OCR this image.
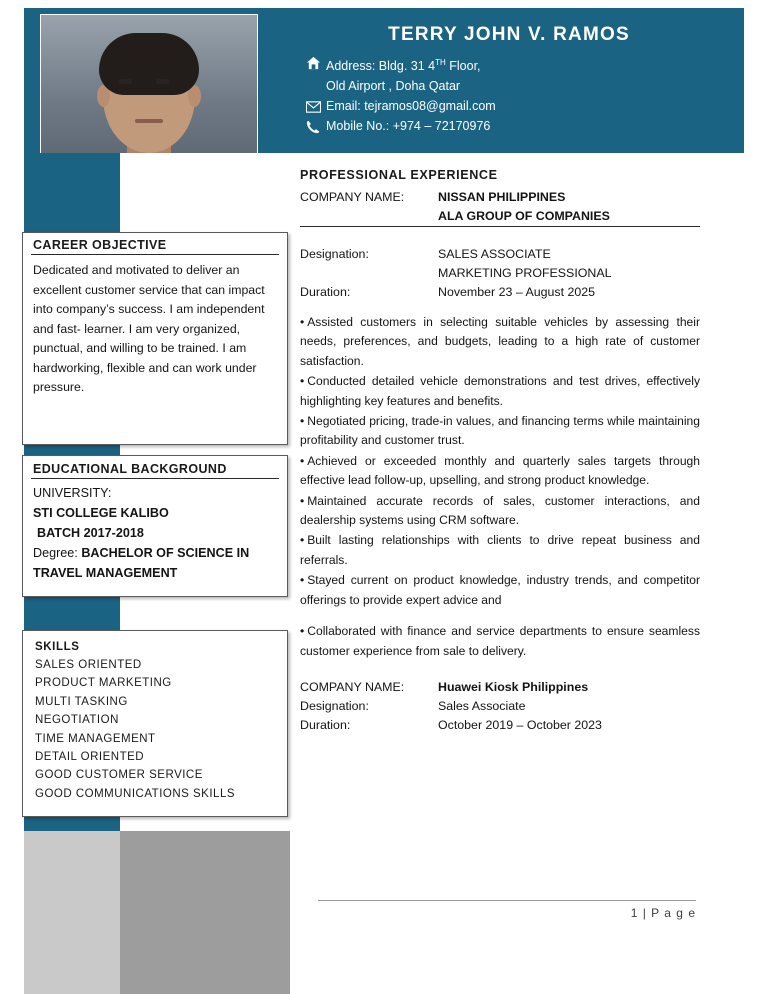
TERRY JOHN V. RAMOS
Address: Bldg. 31 4TH Floor,
Old Airport , Doha Qatar
Email: tejramos08@gmail.com
Mobile No.: +974 – 72170976
CAREER OBJECTIVE
Dedicated and motivated to deliver an excellent customer service that can impact into company’s success. I am independent and fast- learner. I am very organized, punctual, and willing to be trained. I am hardworking, flexible and can work under pressure.
EDUCATIONAL BACKGROUND
UNIVERSITY:
STI COLLEGE KALIBO
BATCH 2017-2018
Degree: BACHELOR OF SCIENCE IN TRAVEL MANAGEMENT
SKILLS
SALES ORIENTED
PRODUCT MARKETING
MULTI TASKING
NEGOTIATION
TIME MANAGEMENT
DETAIL ORIENTED
GOOD CUSTOMER SERVICE
GOOD COMMUNICATIONS SKILLS
PROFESSIONAL EXPERIENCE
COMPANY NAME:	NISSAN PHILIPPINES
ALA GROUP OF COMPANIES
Designation:	SALES ASSOCIATE
MARKETING PROFESSIONAL
Duration:	November 23 – August 2025
• Assisted customers in selecting suitable vehicles by assessing their needs, preferences, and budgets, leading to a high rate of customer satisfaction.
• Conducted detailed vehicle demonstrations and test drives, effectively highlighting key features and benefits.
• Negotiated pricing, trade-in values, and financing terms while maintaining profitability and customer trust.
• Achieved or exceeded monthly and quarterly sales targets through effective lead follow-up, upselling, and strong product knowledge.
• Maintained accurate records of sales, customer interactions, and dealership systems using CRM software.
• Built lasting relationships with clients to drive repeat business and referrals.
• Stayed current on product knowledge, industry trends, and competitor offerings to provide expert advice and
• Collaborated with finance and service departments to ensure seamless customer experience from sale to delivery.
COMPANY NAME:	Huawei Kiosk Philippines
Designation:	Sales Associate
Duration:	October 2019 – October 2023
1 | P a g e
